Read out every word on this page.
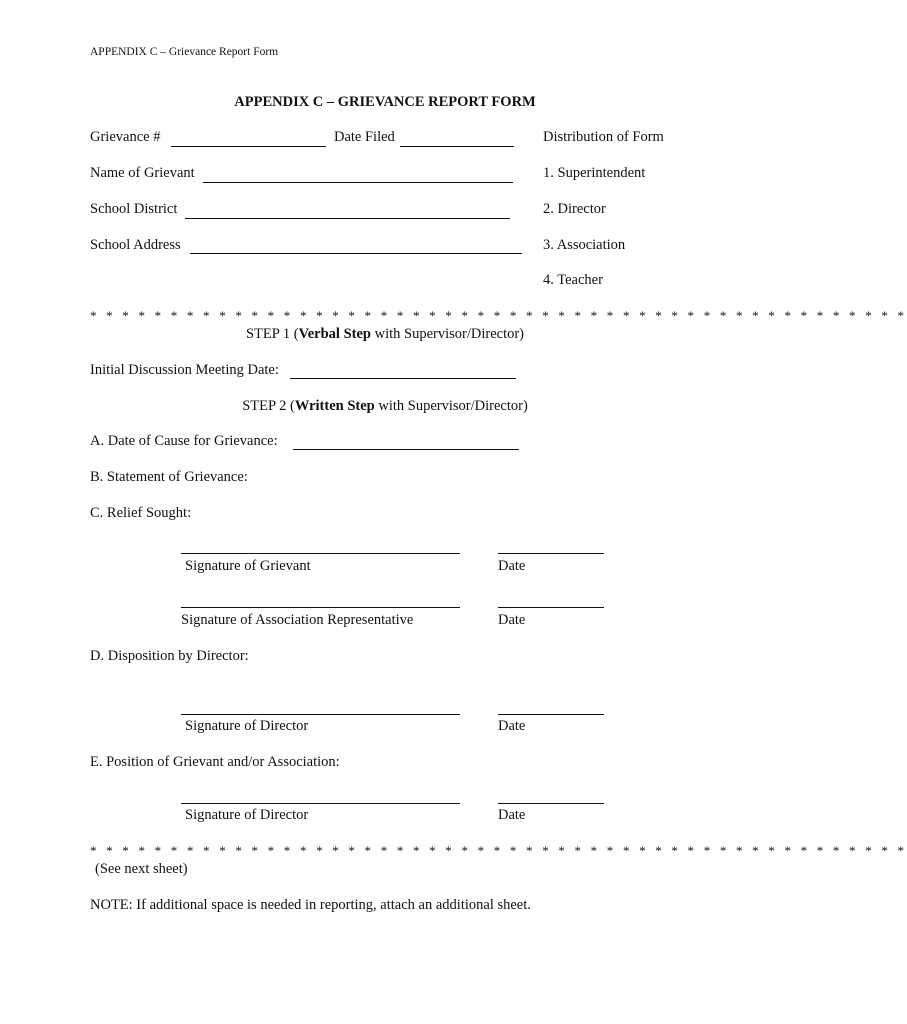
APPENDIX C – Grievance Report Form
APPENDIX C – GRIEVANCE REPORT FORM
Grievance #	Date Filed	Distribution of Form
1. Superintendent
2. Director
3. Association
4. Teacher
Name of Grievant
School District
School Address
* * * * * * * * * * * * * * * * * * * * * * * * * * * * * * * * * * * * * * * * * * * * * * * * * * *
STEP 1 (Verbal Step with Supervisor/Director)
Initial Discussion Meeting Date:
STEP 2 (Written Step with Supervisor/Director)
A. Date of Cause for Grievance:
B. Statement of Grievance:
C. Relief Sought:
Signature of Grievant	Date
Signature of Association Representative	Date
D. Disposition by Director:
Signature of Director	Date
E. Position of Grievant and/or Association:
Signature of Director	Date
* * * * * * * * * * * * * * * * * * * * * * * * * * * * * * * * * * * * * * * * * * * * * * * * * * *
(See next sheet)
NOTE: If additional space is needed in reporting, attach an additional sheet.
